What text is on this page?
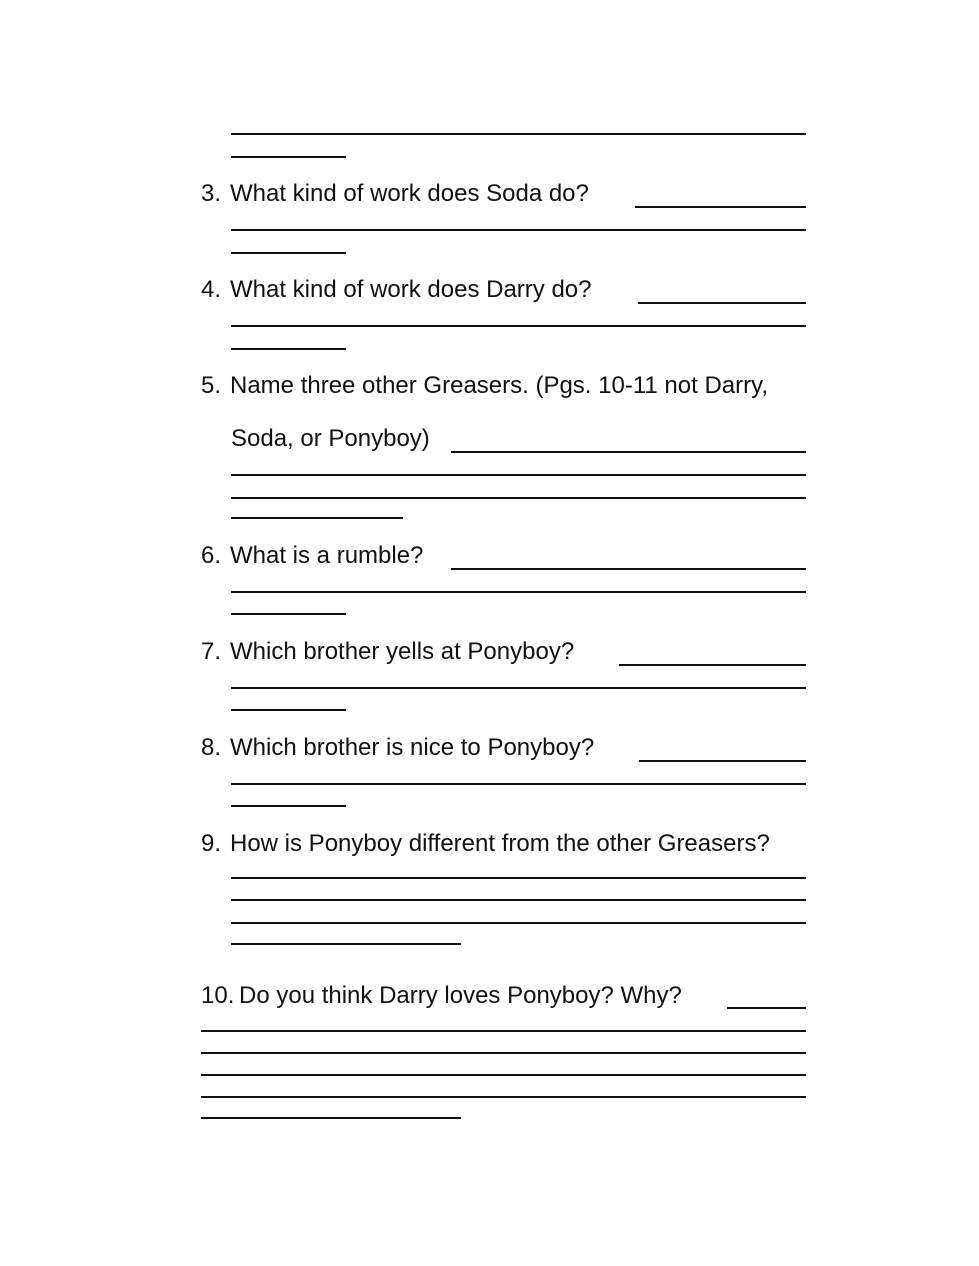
3. What kind of work does Soda do?
4. What kind of work does Darry do?
5. Name three other Greasers. (Pgs. 10-11 not Darry,
Soda, or Ponyboy)
6. What is a rumble?
7. Which brother yells at Ponyboy?
8. Which brother is nice to Ponyboy?
9. How is Ponyboy different from the other Greasers?
10. Do you think Darry loves Ponyboy? Why?
